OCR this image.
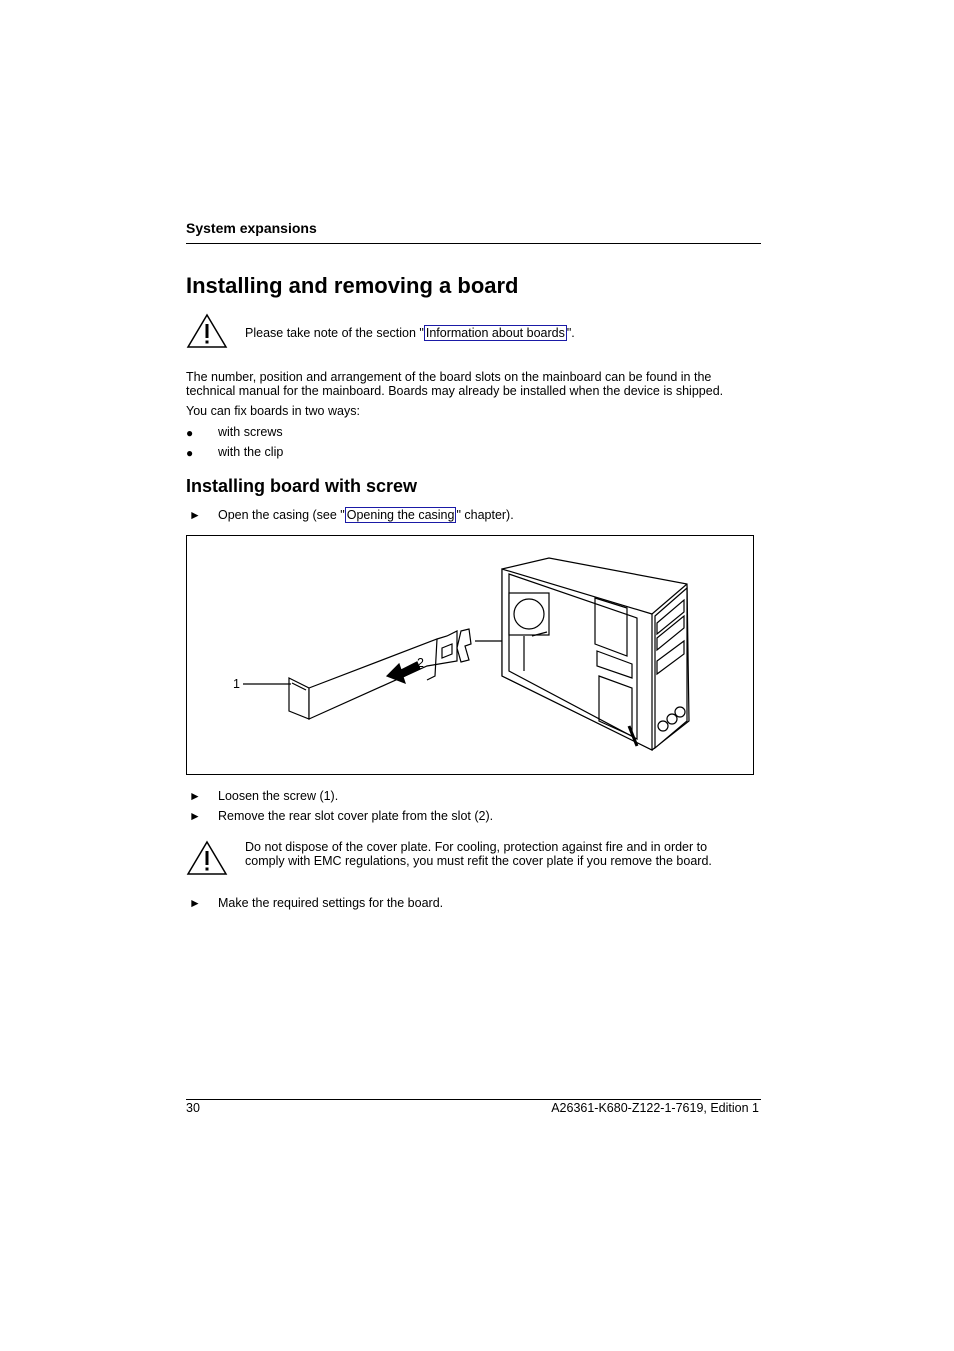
System expansions
Installing and removing a board
Please take note of the section " Information about boards ".
The number, position and arrangement of the board slots on the mainboard can be found in the
technical manual for the mainboard. Boards may already be installed when the device is shipped.
You can fix boards in two ways:
● with screws
● with the clip
Installing board with screw
► Open the casing (see " Opening the casing " chapter).
1
2
► Loosen the screw (1).
► Remove the rear slot cover plate from the slot (2).
Do not dispose of the cover plate. For cooling, protection against fire and in order to
comply with EMC regulations, you must refit the cover plate if you remove the board.
► Make the required settings for the board.
30	A26361-K680-Z122-1-7619, Edition 1
